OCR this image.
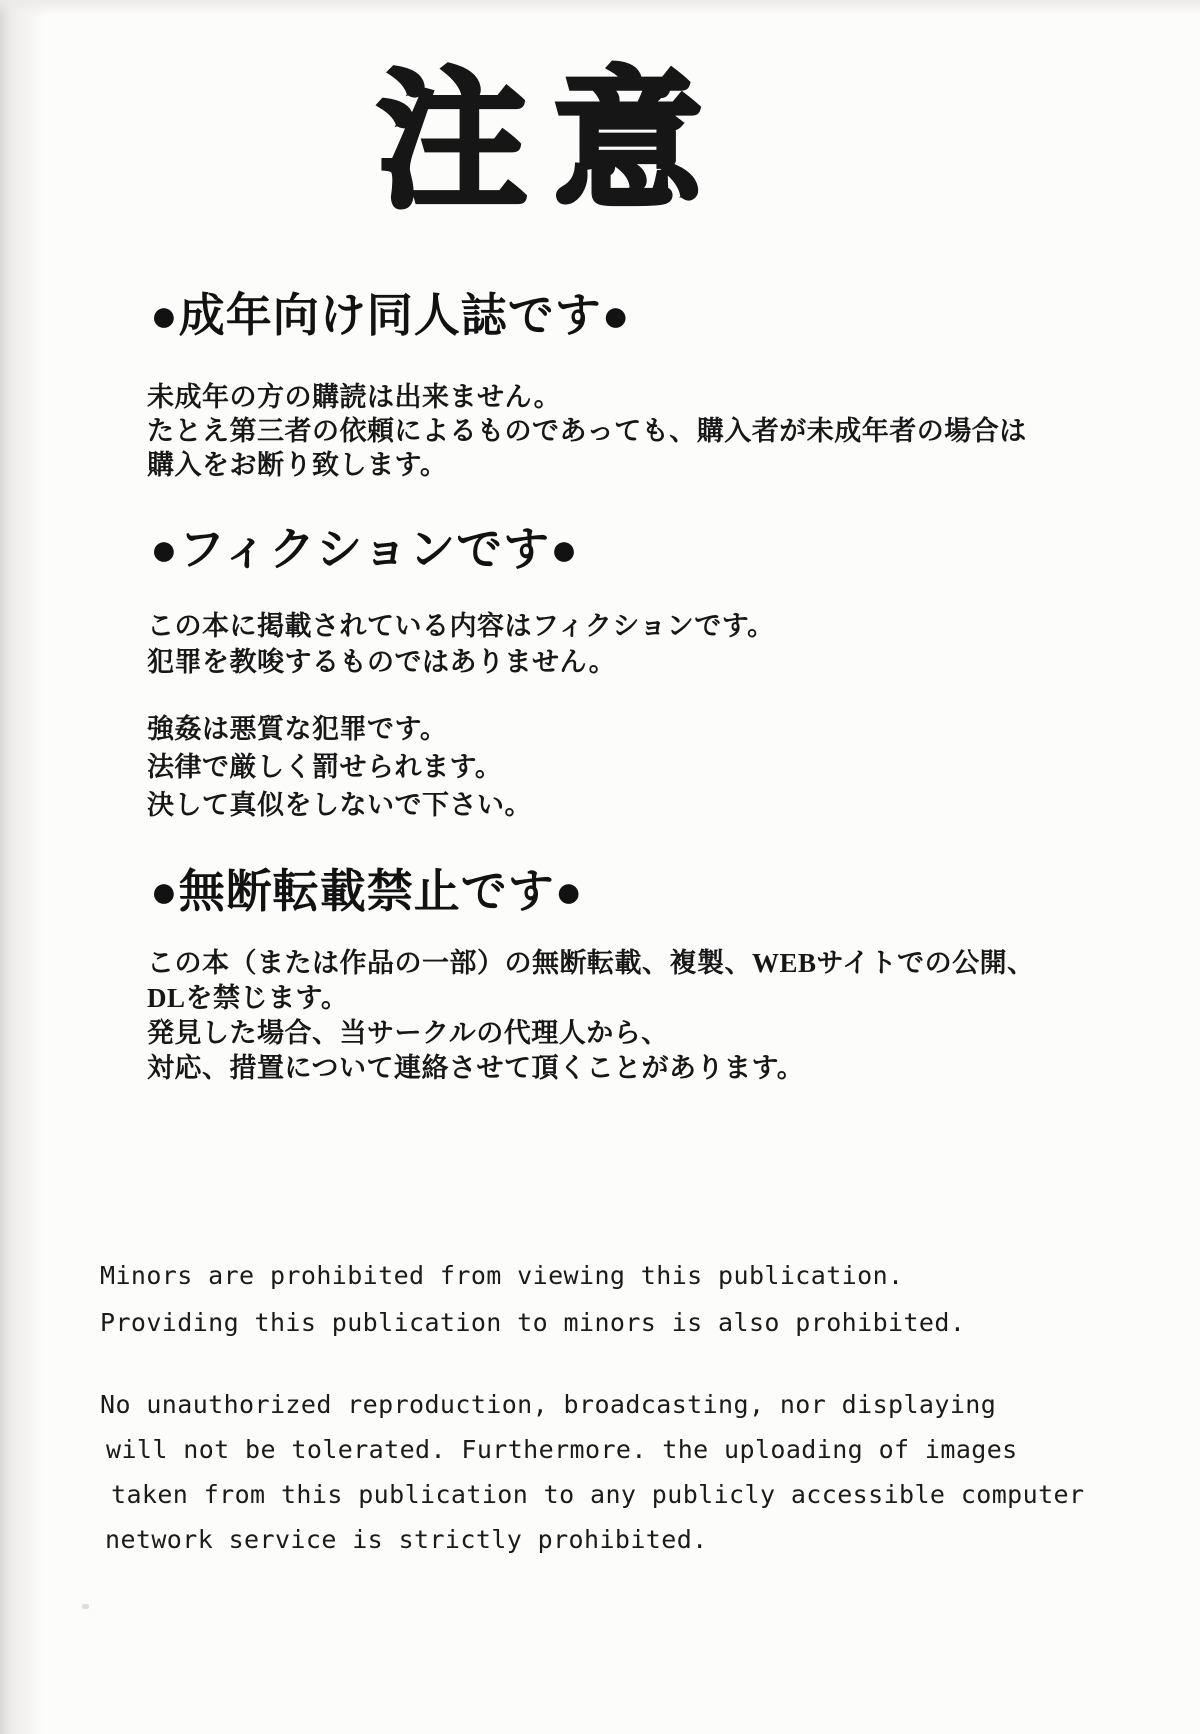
注意
●成年向け同人誌です●

未成年の方の購読は出来ません。
たとえ第三者の依頼によるものであっても、購入者が未成年者の場合は
購入をお断り致します。

●フィクションです●

この本に掲載されている内容はフィクションです。
犯罪を教唆するものではありません。

強姦は悪質な犯罪です。
法律で厳しく罰せられます。
決して真似をしないで下さい。

●無断転載禁止です●

この本（または作品の一部）の無断転載、複製、WEBサイトでの公開、
DLを禁じます。
発見した場合、当サークルの代理人から、
対応、措置について連絡させて頂くことがあります。

Minors are prohibited from viewing this publication.
Providing this publication to minors is also prohibited.

No unauthorized reproduction, broadcasting, nor displaying
will not be tolerated. Furthermore. the uploading of images
taken from this publication to any publicly accessible computer
network service is strictly prohibited.
